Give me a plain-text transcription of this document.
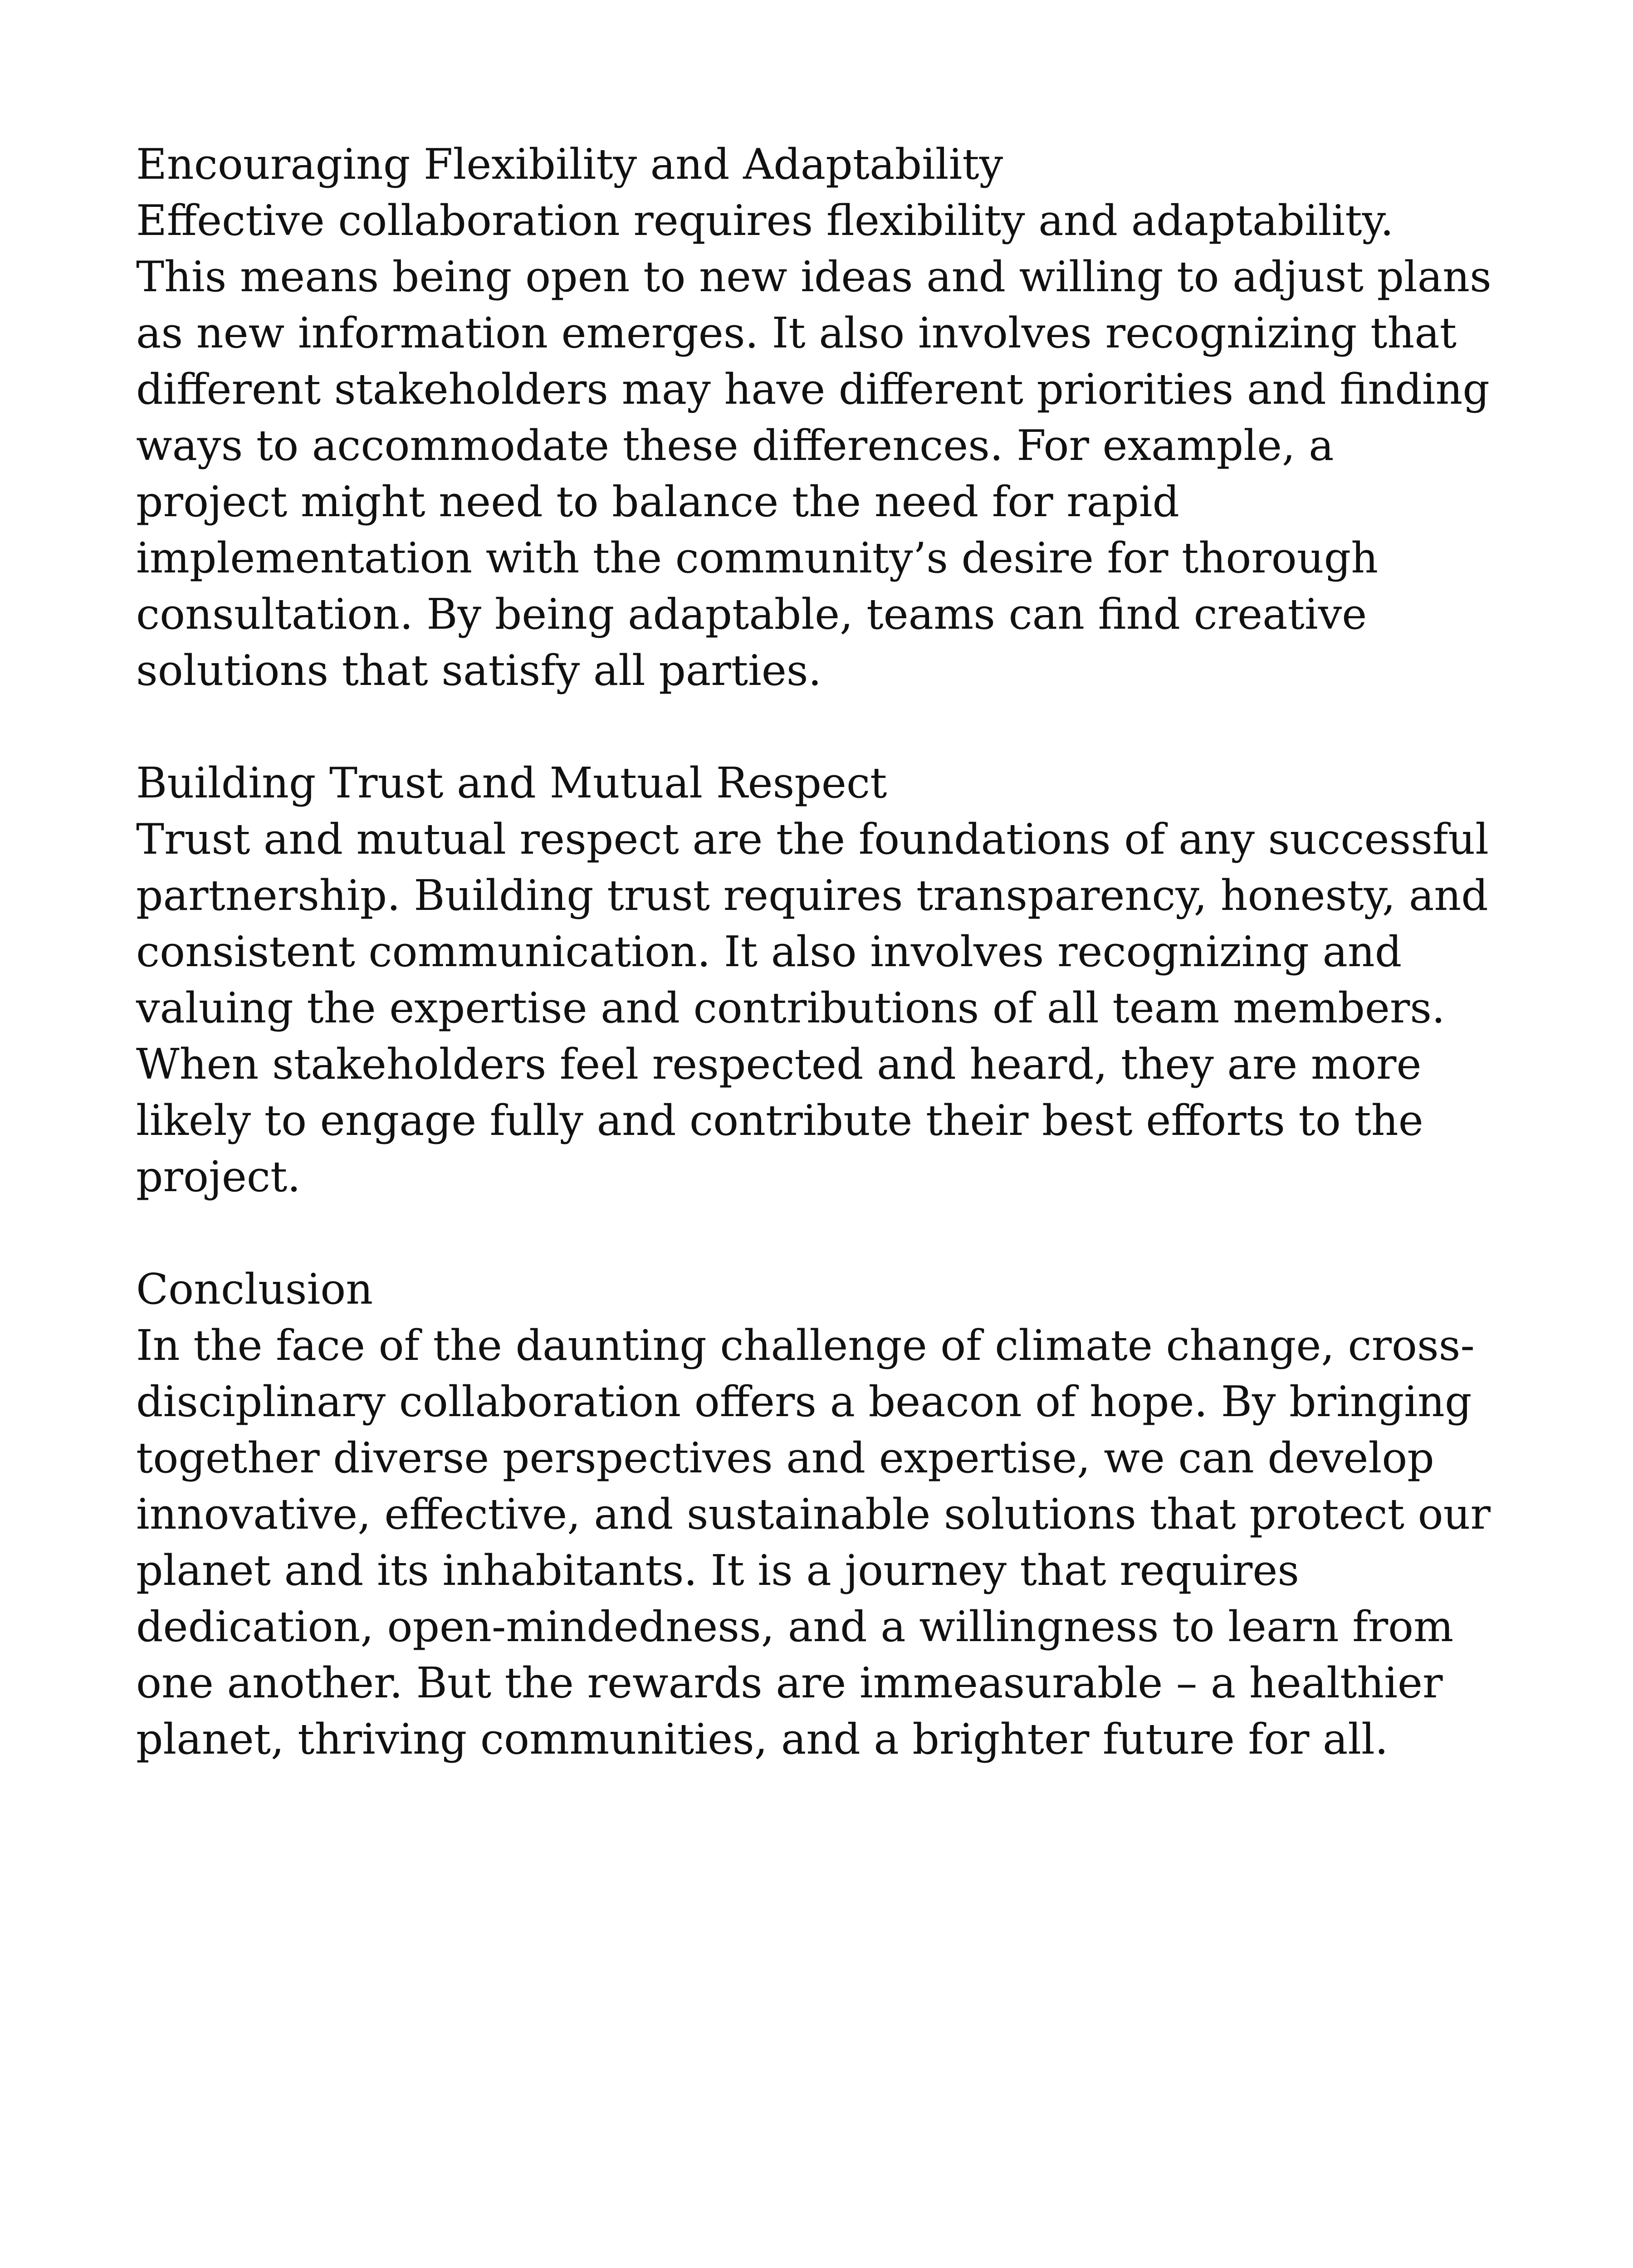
Encouraging Flexibility and Adaptability

Effective collaboration requires flexibility and adaptability. This means being open to new ideas and willing to adjust plans as new information emerges. It also involves recognizing that different stakeholders may have different priorities and finding ways to accommodate these differences. For example, a project might need to balance the need for rapid implementation with the community’s desire for thorough consultation. By being adaptable, teams can find creative solutions that satisfy all parties.

Building Trust and Mutual Respect

Trust and mutual respect are the foundations of any successful partnership. Building trust requires transparency, honesty, and consistent communication. It also involves recognizing and valuing the expertise and contributions of all team members. When stakeholders feel respected and heard, they are more likely to engage fully and contribute their best efforts to the project.

Conclusion

In the face of the daunting challenge of climate change, cross-disciplinary collaboration offers a beacon of hope. By bringing together diverse perspectives and expertise, we can develop innovative, effective, and sustainable solutions that protect our planet and its inhabitants. It is a journey that requires dedication, open-mindedness, and a willingness to learn from one another. But the rewards are immeasurable – a healthier planet, thriving communities, and a brighter future for all.
